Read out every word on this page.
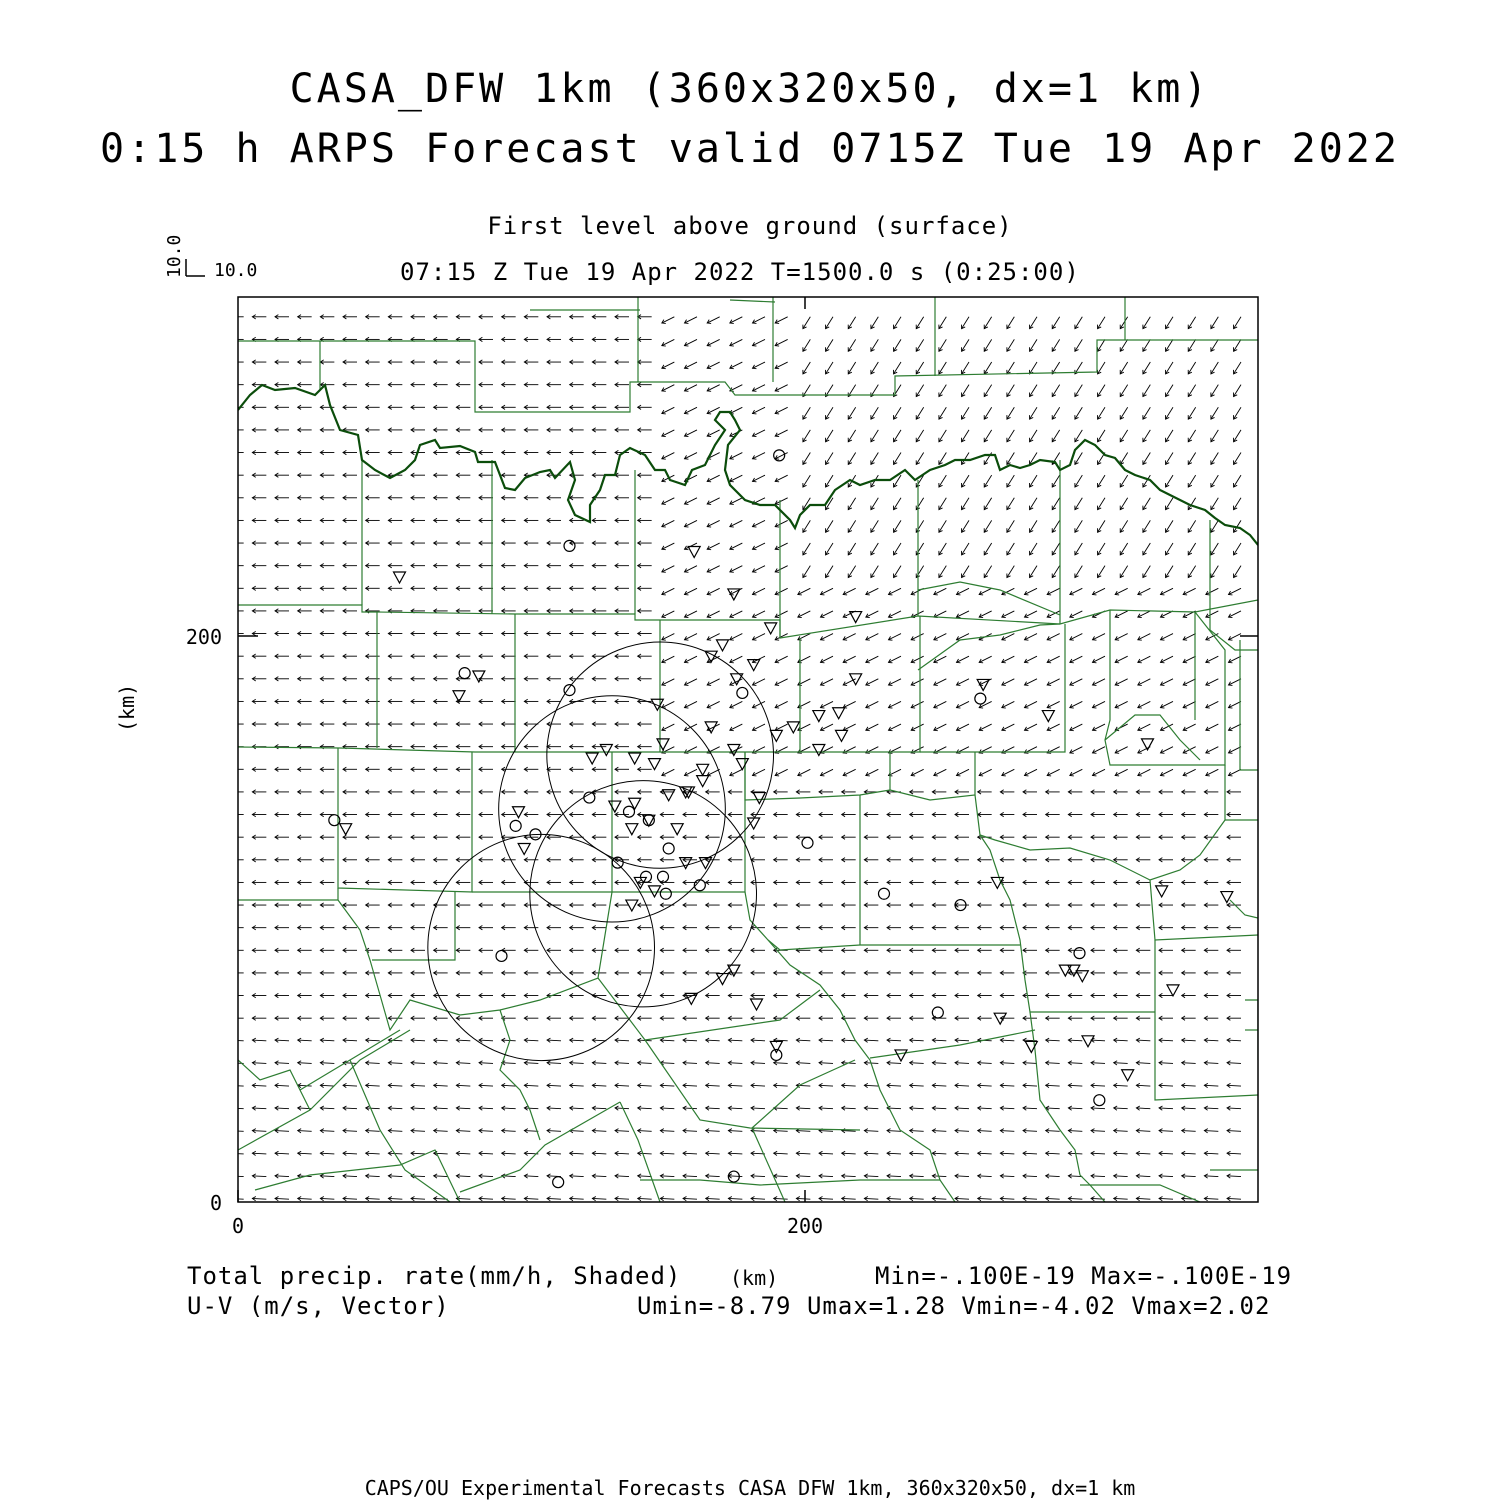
CASA_DFW 1km (360x320x50, dx=1 km)
0:15 h ARPS Forecast valid 0715Z Tue 19 Apr 2022
First level above ground (surface)
07:15 Z Tue 19 Apr 2022 T=1500.0 s (0:25:00)
10.0
10.0
0	200
0
200
(km)
Total precip. rate(mm/h, Shaded) (km)	Min=-.100E-19 Max=-.100E-19
U-V (m/s, Vector)	Umin=-8.79 Umax=1.28 Vmin=-4.02 Vmax=2.02
CAPS/OU Experimental Forecasts CASA DFW 1km, 360x320x50, dx=1 km
